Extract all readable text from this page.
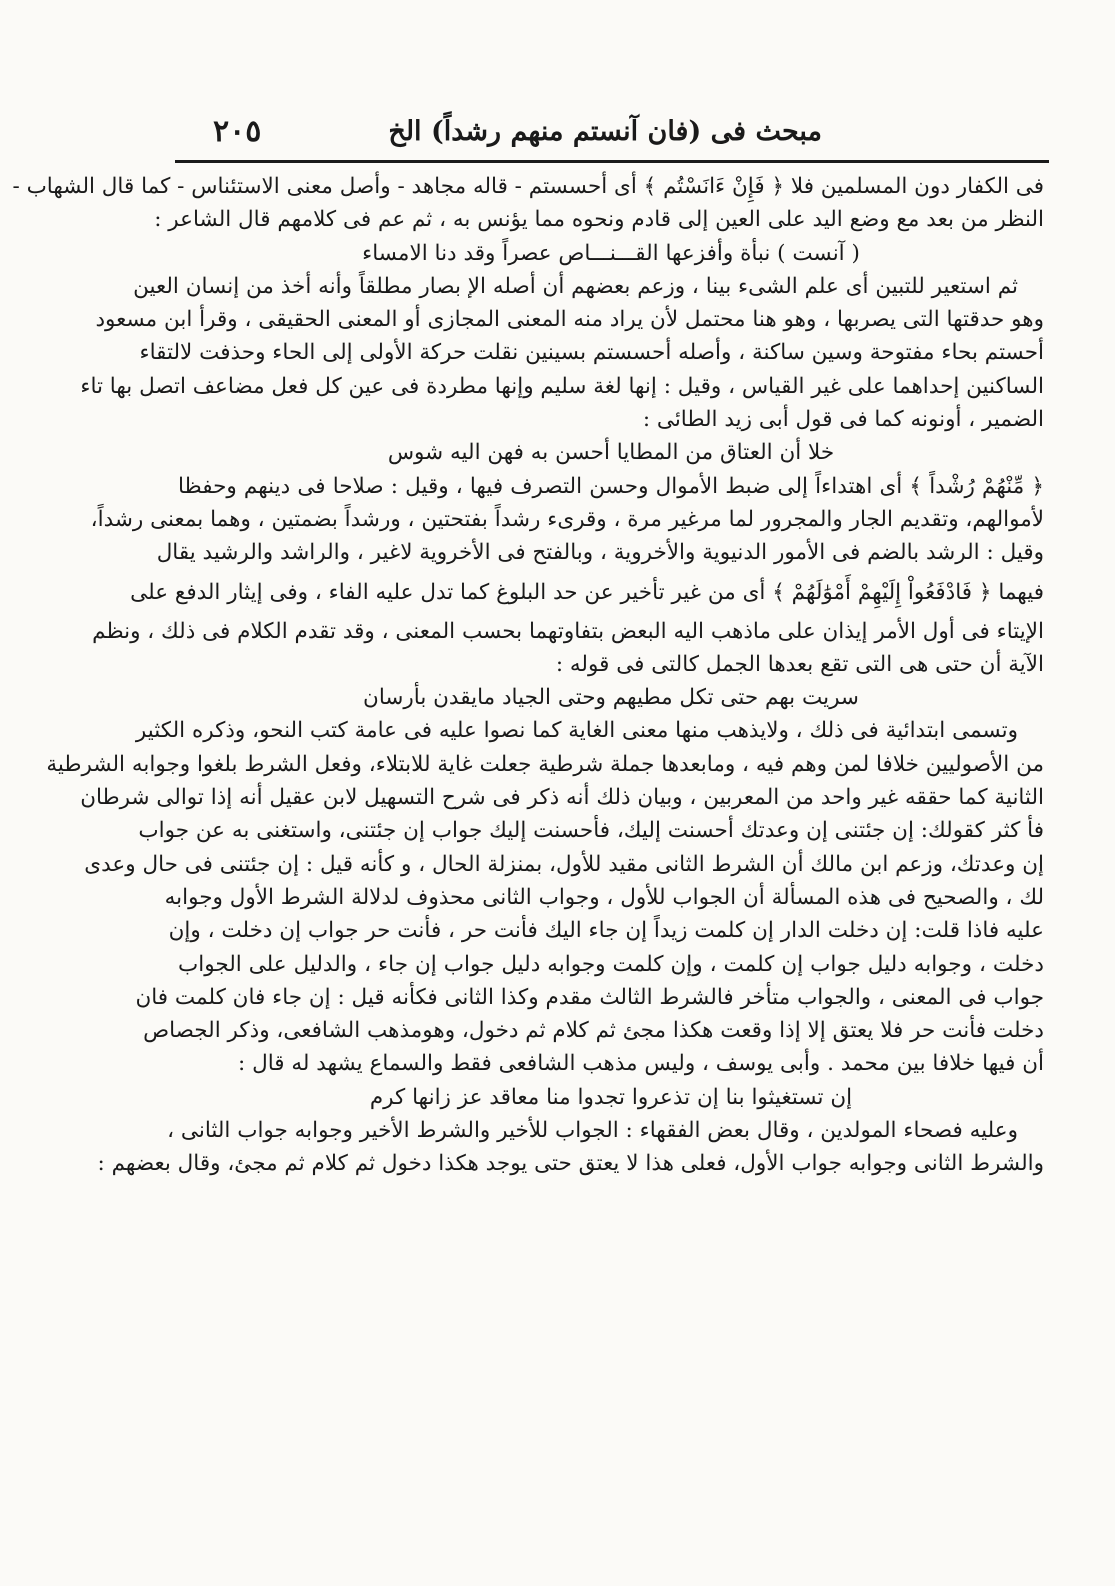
مبحث فى (فان آنستم منهم رشداً) الخ
٢٠٥
فى الكفار دون المسلمين فلا ﴿ فَإِنْ ءَانَسْتُم ﴾ أى أحسستم - قاله مجاهد - وأصل معنى الاستئناس - كما قال الشهاب -
النظر من بعد مع وضع اليد على العين إلى قادم ونحوه مما يؤنس به ، ثم عم فى كلامهم قال الشاعر :
( آنست ) نبأة وأفزعها القـــنـــاص عصراً وقد دنا الامساء
ثم استعير للتبين أى علم الشىء بينا ، وزعم بعضهم أن أصله الإ بصار مطلقاً وأنه أخذ من إنسان العين
وهو حدقتها التى يصربها ، وهو هنا محتمل لأن يراد منه المعنى المجازى أو المعنى الحقيقى ، وقرأ ابن مسعود
أحستم بحاء مفتوحة وسين ساكنة ، وأصله أحسستم بسينين نقلت حركة الأولى إلى الحاء وحذفت لالتقاء
الساكنين إحداهما على غير القياس ، وقيل : إنها لغة سليم وإنها مطردة فى عين كل فعل مضاعف اتصل بها تاء
الضمير ، أونونه كما فى قول أبى زيد الطائى :
خلا أن العتاق من المطايا أحسن به فهن اليه شوس
﴿ مِّنْهُمْ رُشْداً ﴾ أى اهتداءاً إلى ضبط الأموال وحسن التصرف فيها ، وقيل : صلاحا فى دينهم وحفظا
لأموالهم، وتقديم الجار والمجرور لما مرغير مرة ، وقرىء رشداً بفتحتين ، ورشداً بضمتين ، وهما بمعنى رشداً،
وقيل : الرشد بالضم فى الأمور الدنيوية والأخروية ، وبالفتح فى الأخروية لاغير ، والراشد والرشيد يقال
فيهما ﴿ فَادْفَعُواْ إِلَيْهِمْ أَمْوَٰلَهُمْ ﴾ أى من غير تأخير عن حد البلوغ كما تدل عليه الفاء ، وفى إيثار الدفع على
الإيتاء فى أول الأمر إيذان على ماذهب اليه البعض بتفاوتهما بحسب المعنى ، وقد تقدم الكلام فى ذلك ، ونظم
الآية أن حتى هى التى تقع بعدها الجمل كالتى فى قوله :
سريت بهم حتى تكل مطيهم وحتى الجياد مايقدن بأرسان
وتسمى ابتدائية فى ذلك ، ولايذهب منها معنى الغاية كما نصوا عليه فى عامة كتب النحو، وذكره الكثير
من الأصوليين خلافا لمن وهم فيه ، ومابعدها جملة شرطية جعلت غاية للابتلاء، وفعل الشرط بلغوا وجوابه الشرطية
الثانية كما حققه غير واحد من المعربين ، وبيان ذلك أنه ذكر فى شرح التسهيل لابن عقيل أنه إذا توالى شرطان
فأ كثر كقولك: إن جئتنى إن وعدتك أحسنت إليك، فأحسنت إليك جواب إن جئتنى، واستغنى به عن جواب
إن وعدتك، وزعم ابن مالك أن الشرط الثانى مقيد للأول، بمنزلة الحال ، و كأنه قيل : إن جئتنى فى حال وعدى
لك ، والصحيح فى هذه المسألة أن الجواب للأول ، وجواب الثانى محذوف لدلالة الشرط الأول وجوابه
عليه فاذا قلت: إن دخلت الدار إن كلمت زيداً إن جاء اليك فأنت حر ، فأنت حر جواب إن دخلت ، وإن
دخلت ، وجوابه دليل جواب إن كلمت ، وإن كلمت وجوابه دليل جواب إن جاء ، والدليل على الجواب
جواب فى المعنى ، والجواب متأخر فالشرط الثالث مقدم وكذا الثانى فكأنه قيل : إن جاء فان كلمت فان
دخلت فأنت حر فلا يعتق إلا إذا وقعت هكذا مجئ ثم كلام ثم دخول، وهومذهب الشافعى، وذكر الجصاص
أن فيها خلافا بين محمد . وأبى يوسف ، وليس مذهب الشافعى فقط والسماع يشهد له قال :
إن تستغيثوا بنا إن تذعروا تجدوا منا معاقد عز زانها كرم
وعليه فصحاء المولدين ، وقال بعض الفقهاء : الجواب للأخير والشرط الأخير وجوابه جواب الثانى ،
والشرط الثانى وجوابه جواب الأول، فعلى هذا لا يعتق حتى يوجد هكذا دخول ثم كلام ثم مجئ، وقال بعضهم :
